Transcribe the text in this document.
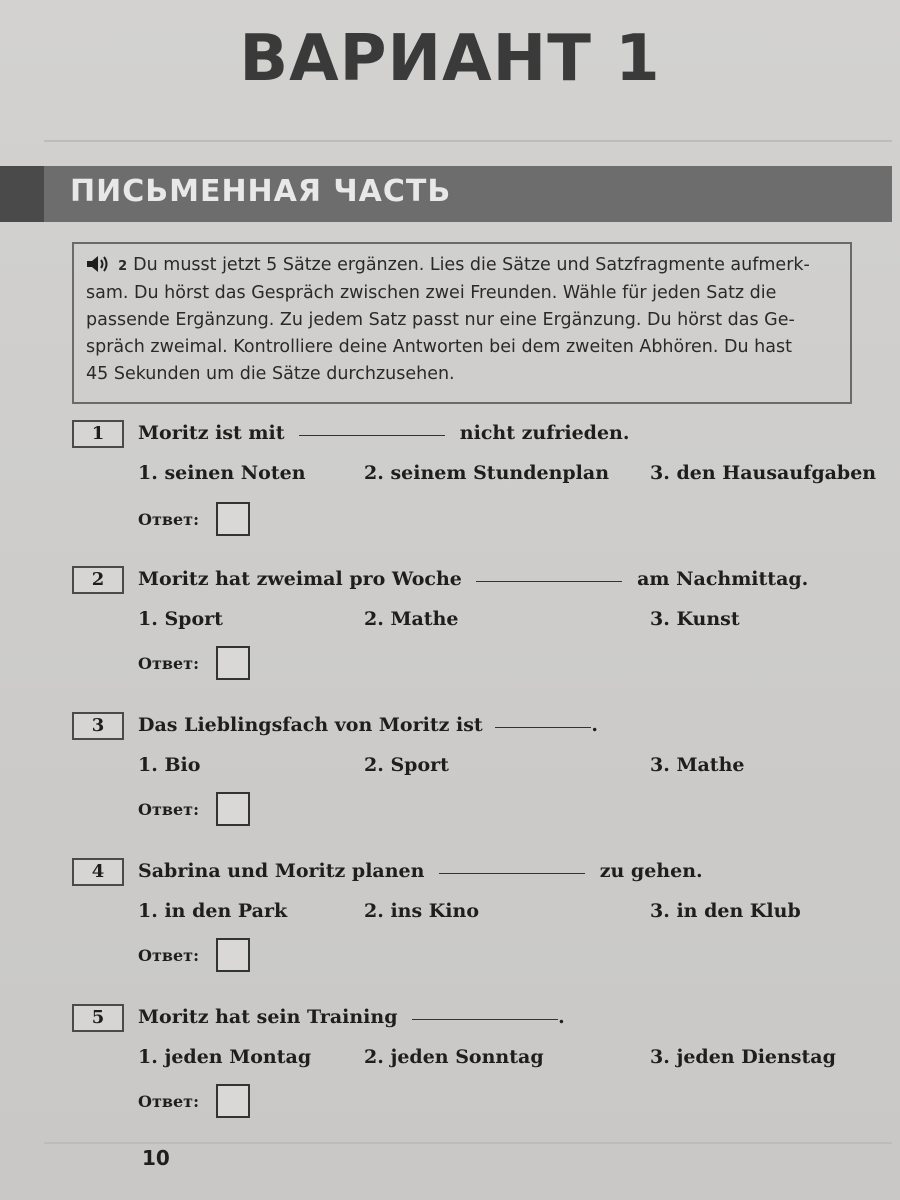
ВАРИАНТ 1
ПИСЬМЕННАЯ ЧАСТЬ
2 Du musst jetzt 5 Sätze ergänzen. Lies die Sätze und Satzfragmente aufmerk-
sam. Du hörst das Gespräch zwischen zwei Freunden. Wähle für jeden Satz die
passende Ergänzung. Zu jedem Satz passt nur eine Ergänzung. Du hörst das Ge-
spräch zweimal. Kontrolliere deine Antworten bei dem zweiten Abhören. Du hast
45 Sekunden um die Sätze durchzusehen.
1	Moritz ist mit	nicht zufrieden.
1. seinen Noten	2. seinem Stundenplan 3. den Hausaufgaben
Ответ:
2	Moritz hat zweimal pro Woche	am Nachmittag.
1. Sport	2. Mathe	3. Kunst
Ответ:
3	Das Lieblingsfach von Moritz ist	.
1. Bio	2. Sport	3. Mathe
Ответ:
4	Sabrina und Moritz planen	zu gehen.
1. in den Park	2. ins Kino	3. in den Klub
Ответ:
5	Moritz hat sein Training	.
1. jeden Montag	2. jeden Sonntag	3. jeden Dienstag
Ответ:
10
